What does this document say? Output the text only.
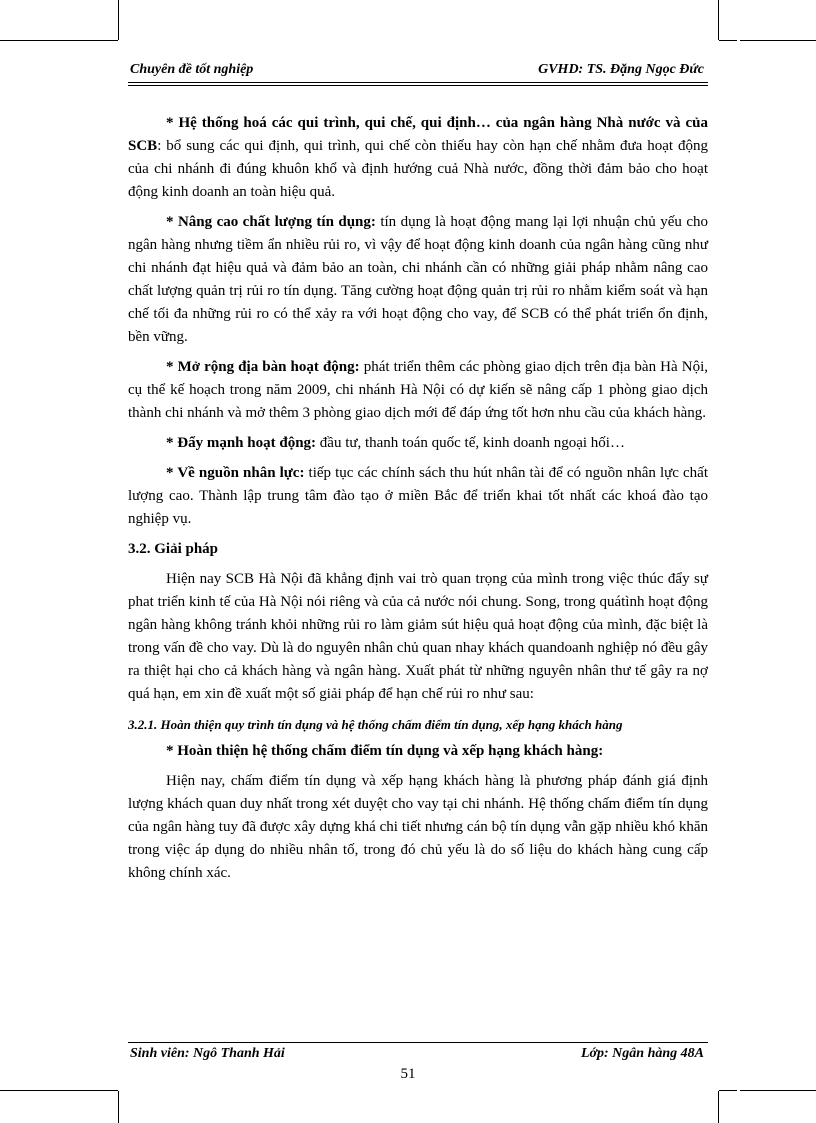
Chuyên đề tốt nghiệp	GVHD: TS. Đặng Ngọc Đức

* Hệ thống hoá các qui trình, qui chế, qui định… của ngân hàng Nhà nước và của SCB: bổ sung các qui định, qui trình, qui chế còn thiếu hay còn hạn chế nhằm đưa hoạt động của chi nhánh đi đúng khuôn khổ và định hướng cuả Nhà nước, đồng thời đảm bảo cho hoạt động kinh doanh an toàn hiệu quả.

* Nâng cao chất lượng tín dụng: tín dụng là hoạt động mang lại lợi nhuận chủ yếu cho ngân hàng nhưng tiềm ẩn nhiều rủi ro, vì vậy để hoạt động kinh doanh của ngân hàng cũng như chi nhánh đạt hiệu quả và đảm bảo an toàn, chi nhánh cần có những giải pháp nhằm nâng cao chất lượng quản trị rủi ro tín dụng. Tăng cường hoạt động quản trị rủi ro nhằm kiểm soát và hạn chế tối đa những rủi ro có thể xảy ra với hoạt động cho vay, để SCB có thể phát triển ổn định, bền vững.

* Mở rộng địa bàn hoạt động: phát triển thêm các phòng giao dịch trên địa bàn Hà Nội, cụ thể kế hoạch trong năm 2009, chi nhánh Hà Nội có dự kiến sẽ nâng cấp 1 phòng giao dịch thành chi nhánh và mở thêm 3 phòng giao dịch mới để đáp ứng tốt hơn nhu cầu của khách hàng.

* Đẩy mạnh hoạt động: đầu tư, thanh toán quốc tế, kinh doanh ngoại hối…

* Về nguồn nhân lực: tiếp tục các chính sách thu hút nhân tài để có nguồn nhân lực chất lượng cao. Thành lập trung tâm đào tạo ở miền Bắc để triển khai tốt nhất các khoá đào tạo nghiệp vụ.

3.2. Giải pháp

Hiện nay SCB Hà Nội đã khẳng định vai trò quan trọng của mình trong việc thúc đẩy sự phat triển kinh tế của Hà Nội nói riêng và của cả nước nói chung. Song, trong quátình hoạt động ngân hàng không tránh khỏi những rủi ro làm giảm sút hiệu quả hoạt động của mình, đặc biệt là trong vấn đề cho vay. Dù là do nguyên nhân chủ quan nhay khách quandoanh nghiệp nó đều gây ra thiệt hại cho cả khách hàng và ngân hàng. Xuất phát từ những nguyên nhân thư tế gây ra nợ quá hạn, em xin đề xuất một số giải pháp để hạn chế rủi ro như sau:

3.2.1. Hoàn thiện quy trình tín dụng và hệ thống chấm điểm tín dụng, xếp hạng khách hàng

* Hoàn thiện hệ thống chấm điểm tín dụng và xếp hạng khách hàng:

Hiện nay, chấm điểm tín dụng và xếp hạng khách hàng là phương pháp đánh giá định lượng khách quan duy nhất trong xét duyệt cho vay tại chi nhánh. Hệ thống chấm điểm tín dụng của ngân hàng tuy đã được xây dựng khá chi tiết nhưng cán bộ tín dụng vẫn gặp nhiều khó khăn trong việc áp dụng do nhiều nhân tố, trong đó chủ yếu là do số liệu do khách hàng cung cấp không chính xác.

Sinh viên: Ngô Thanh Hải	Lớp: Ngân hàng 48A
51
